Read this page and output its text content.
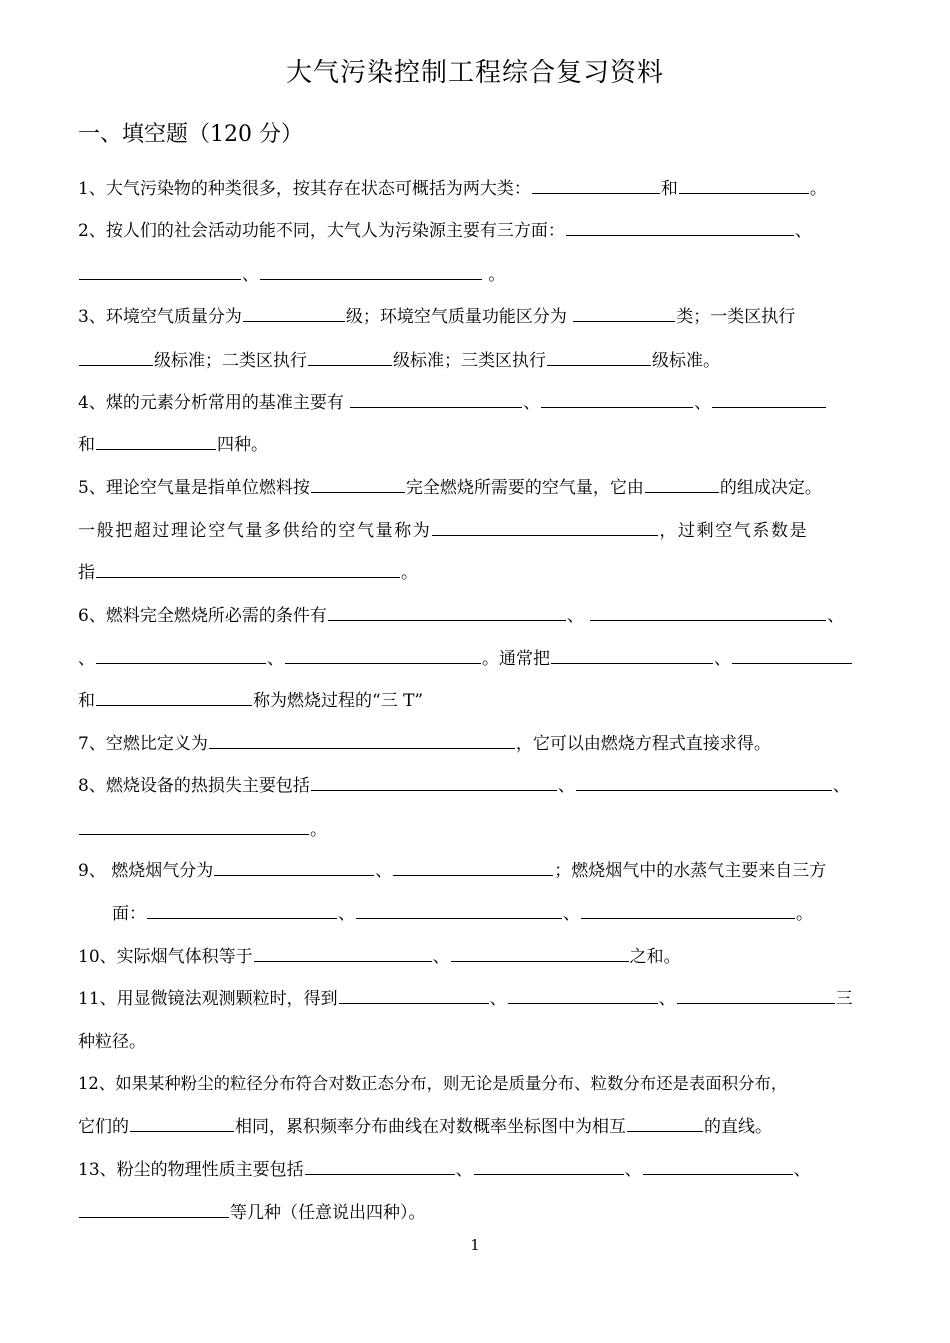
大气污染控制工程综合复习资料
一、填空题（120 分）
1、大气污染物的种类很多，按其存在状态可概括为两大类：	和	。
2、按人们的社会活动功能不同，大气人为污染源主要有三方面：	、
、	。
3、环境空气质量分为	级；环境空气质量功能区分为	类；一类区执行
级标准；二类区执行	级标准；三类区执行	级标准。
4、煤的元素分析常用的基准主要有	、	、
和	四种。
5、理论空气量是指单位燃料按	完全燃烧所需要的空气量，它由	的组成决定。
一般把超过理论空气量多供给的空气量称为	，过剩空气系数是
指	。
6、燃料完全燃烧所必需的条件有	、	、
、	、	。通常把	、
和	称为燃烧过程的“三 T”
7、空燃比定义为	，它可以由燃烧方程式直接求得。
8、燃烧设备的热损失主要包括	、	、
。
9、 燃烧烟气分为	、	；燃烧烟气中的水蒸气主要来自三方
面：	、	、	。
10、实际烟气体积等于	、	之和。
11、用显微镜法观测颗粒时，得到	、	、	三
种粒径。
12、如果某种粉尘的粒径分布符合对数正态分布，则无论是质量分布、粒数分布还是表面积分布，
它们的	相同，累积频率分布曲线在对数概率坐标图中为相互	的直线。
13、粉尘的物理性质主要包括	、	、	、
等几种（任意说出四种）。
1
